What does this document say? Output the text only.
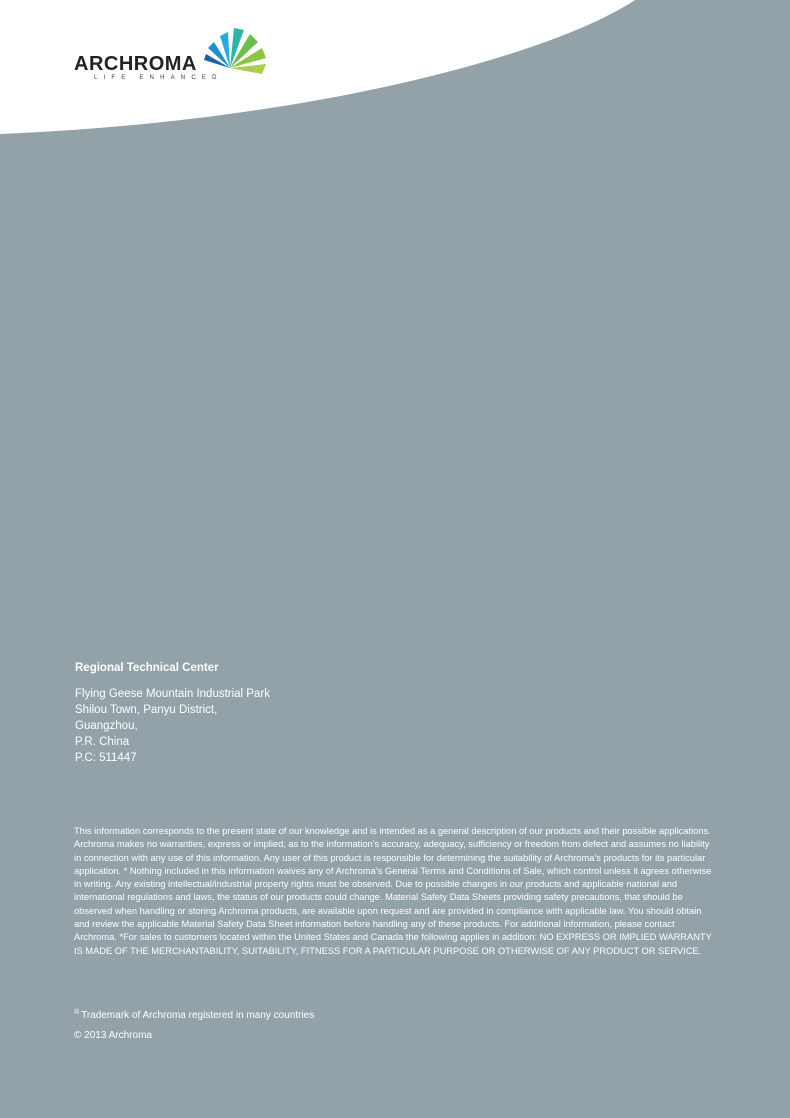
ARCHROMA
LIFE ENHANCED
Regional Technical Center
Flying Geese Mountain Industrial Park
Shilou Town, Panyu District,
Guangzhou,
P.R. China
P.C: 511447

This information corresponds to the present state of our knowledge and is intended as a general description of our products and their possible applications. Archroma makes no warranties, express or implied, as to the information’s accuracy, adequacy, sufficiency or freedom from defect and assumes no liability in connection with any use of this information. Any user of this product is responsible for determining the suitability of Archroma’s products for its particular application. * Nothing included in this information waives any of Archroma’s General Terms and Conditions of Sale, which control unless it agrees otherwise in writing. Any existing intellectual/industrial property rights must be observed. Due to possible changes in our products and applicable national and international regulations and laws, the status of our products could change. Material Safety Data Sheets providing safety precautions, that should be observed when handling or storing Archroma products, are available upon request and are provided in compliance with applicable law. You should obtain and review the applicable Material Safety Data Sheet information before handling any of these products. For additional information, please contact Archroma. *For sales to customers located within the United States and Canada the following applies in addition: NO EXPRESS OR IMPLIED WARRANTY IS MADE OF THE MERCHANTABILITY, SUITABILITY, FITNESS FOR A PARTICULAR PURPOSE OR OTHERWISE OF ANY PRODUCT OR SERVICE.

® Trademark of Archroma registered in many countries
© 2013 Archroma
